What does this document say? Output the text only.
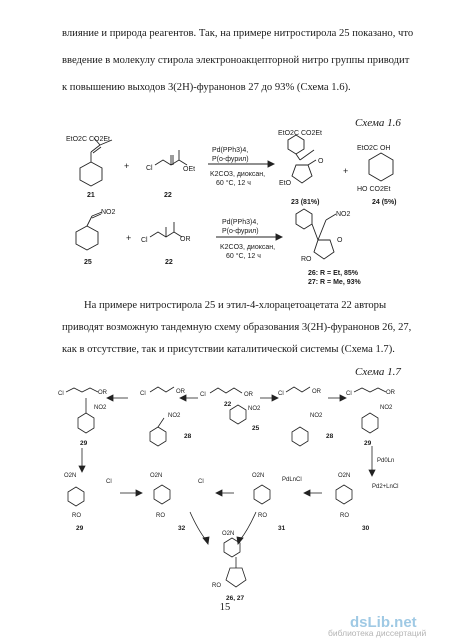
влияние и природа реагентов. Так, на примере нитростирола 25 показано, что
введение в молекулу стирола электроноакцепторной нитро группы приводит
к повышению выходов 3(2H)-фуранонов 27 до 93% (Схема 1.6).
Схема 1.6
EtO2C CO2Et
21
+ Cl	OEt
22
Pd(PPh3)4,
P(o-фурил)
K2CO3, диоксан,
60 °C, 12 ч
EtO2C CO2Et
EtO
O
23 (81%)
+
EtO2C OH
HO CO2Et
24 (5%)
NO2
25
+ Cl	OR
22
Pd(PPh3)4,
P(o-фурил)
K2CO3, диоксан,
60 °C, 12 ч
NO2
RO
O
26: R = Et, 85%
27: R = Me, 93%
На примере нитростирола 25 и этил-4-хлорацетоацетата 22 авторы
приводят возможную тандемную схему образования 3(2H)-фуранонов 26, 27,
как в отсутствие, так и присутствии каталитической системы (Схема 1.7).
Схема 1.7
Cl	OR
NO2
29
Cl	OR
NO2
28
Cl	OR
22
NO2
25
Cl	OR
NO2
28
Cl	OR
NO2
29
Pd0Ln
O2N
Cl
RO
29
O2N
Cl
RO
32
O2N
PdLnCl
RO
31
O2N
Pd2+LnCl
RO
30
O2N
RO
26, 27
15
dsLib.net
библиотека диссертаций
